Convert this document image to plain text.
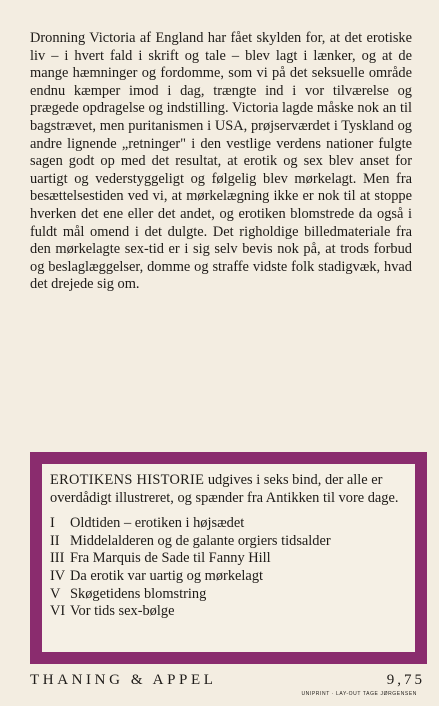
Dronning Victoria af England har fået skylden for, at det erotiske liv – i hvert fald i skrift og tale – blev lagt i lænker, og at de mange hæmninger og fordomme, som vi på det seksuelle område endnu kæmper imod i dag, trængte ind i vor tilværelse og prægede opdragelse og indstilling. Victoria lagde måske nok an til bagstrævet, men puritanismen i USA, prøjserværdet i Tyskland og andre lignende „retninger" i den vestlige verdens nationer fulgte sagen godt op med det resultat, at erotik og sex blev anset for uartigt og vederstyggeligt og følgelig blev mørkelagt. Men fra besættelsestiden ved vi, at mørkelægning ikke er nok til at stoppe hverken det ene eller det andet, og erotiken blomstrede da også i fuldt mål omend i det dulgte. Det righoldige billedmateriale fra den mørkelagte sex-tid er i sig selv bevis nok på, at trods forbud og beslaglæggelser, domme og straffe vidste folk stadigvæk, hvad det drejede sig om.

EROTIKENS HISTORIE udgives i seks bind, der alle er overdådigt illustreret, og spænder fra Antikken til vore dage.

I	Oldtiden – erotiken i højsædet
II Middelalderen og de galante orgiers tidsalder
III Fra Marquis de Sade til Fanny Hill
IV Da erotik var uartig og mørkelagt
V Skøgetidens blomstring
VI Vor tids sex-bølge
THANING & APPEL	9,75
UNIPRINT · LAY-OUT TAGE JØRGENSEN
